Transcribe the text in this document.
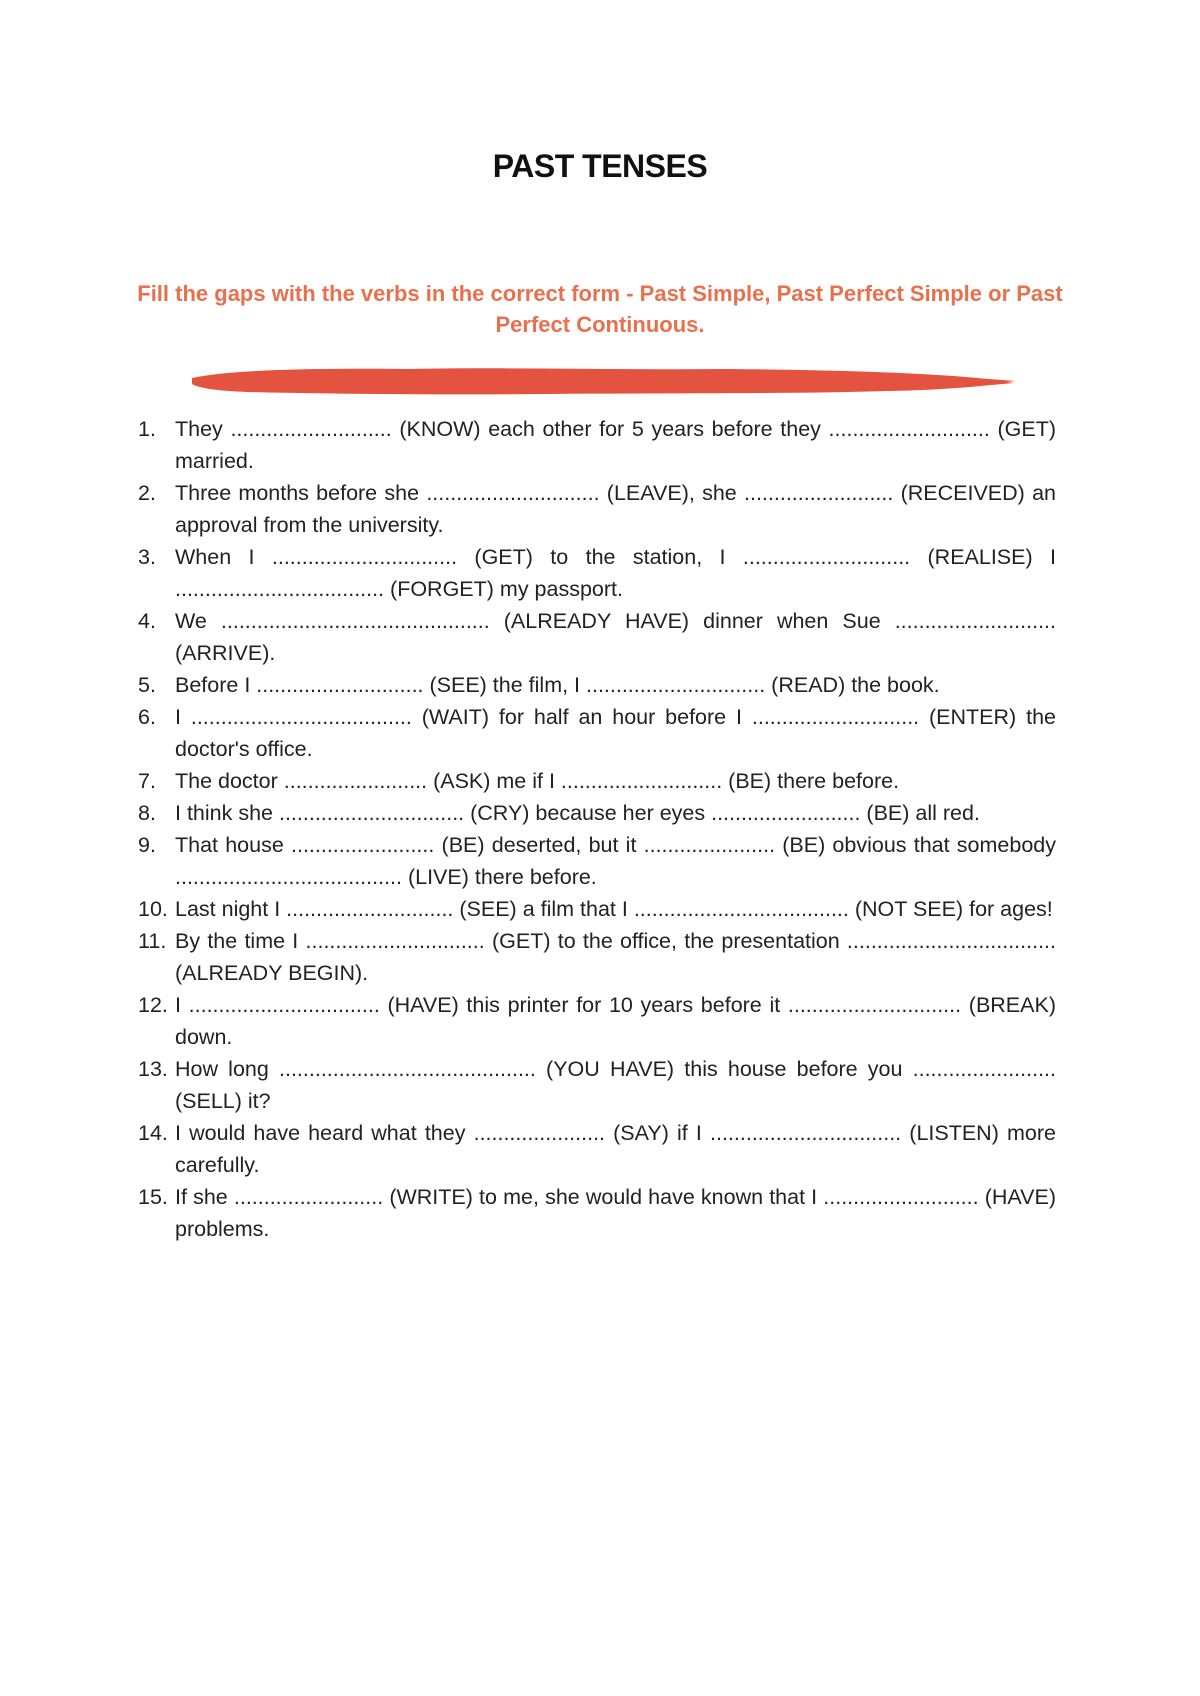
PAST TENSES
Fill the gaps with the verbs in the correct form - Past Simple, Past Perfect Simple or Past Perfect Continuous.
1. They ........................... (KNOW) each other for 5 years before they ........................... (GET) married.
2. Three months before she ............................. (LEAVE), she ......................... (RECEIVED) an approval from the university.
3. When I ............................... (GET) to the station, I ............................ (REALISE) I ................................... (FORGET) my passport.
4. We ............................................. (ALREADY HAVE) dinner when Sue ........................... (ARRIVE).
5. Before I ............................ (SEE) the film, I .............................. (READ) the book.
6. I ..................................... (WAIT) for half an hour before I ............................ (ENTER) the doctor's office.
7. The doctor ........................ (ASK) me if I ........................... (BE) there before.
8. I think she ............................... (CRY) because her eyes ......................... (BE) all red.
9. That house ........................ (BE) deserted, but it ...................... (BE) obvious that somebody ...................................... (LIVE) there before.
10. Last night I ............................ (SEE) a film that I .................................... (NOT SEE) for ages!
11. By the time I .............................. (GET) to the office, the presentation ................................... (ALREADY BEGIN).
12. I ................................ (HAVE) this printer for 10 years before it ............................. (BREAK) down.
13. How long ........................................... (YOU HAVE) this house before you ........................ (SELL) it?
14. I would have heard what they ...................... (SAY) if I ................................ (LISTEN) more carefully.
15. If she ......................... (WRITE) to me, she would have known that I .......................... (HAVE) problems.
